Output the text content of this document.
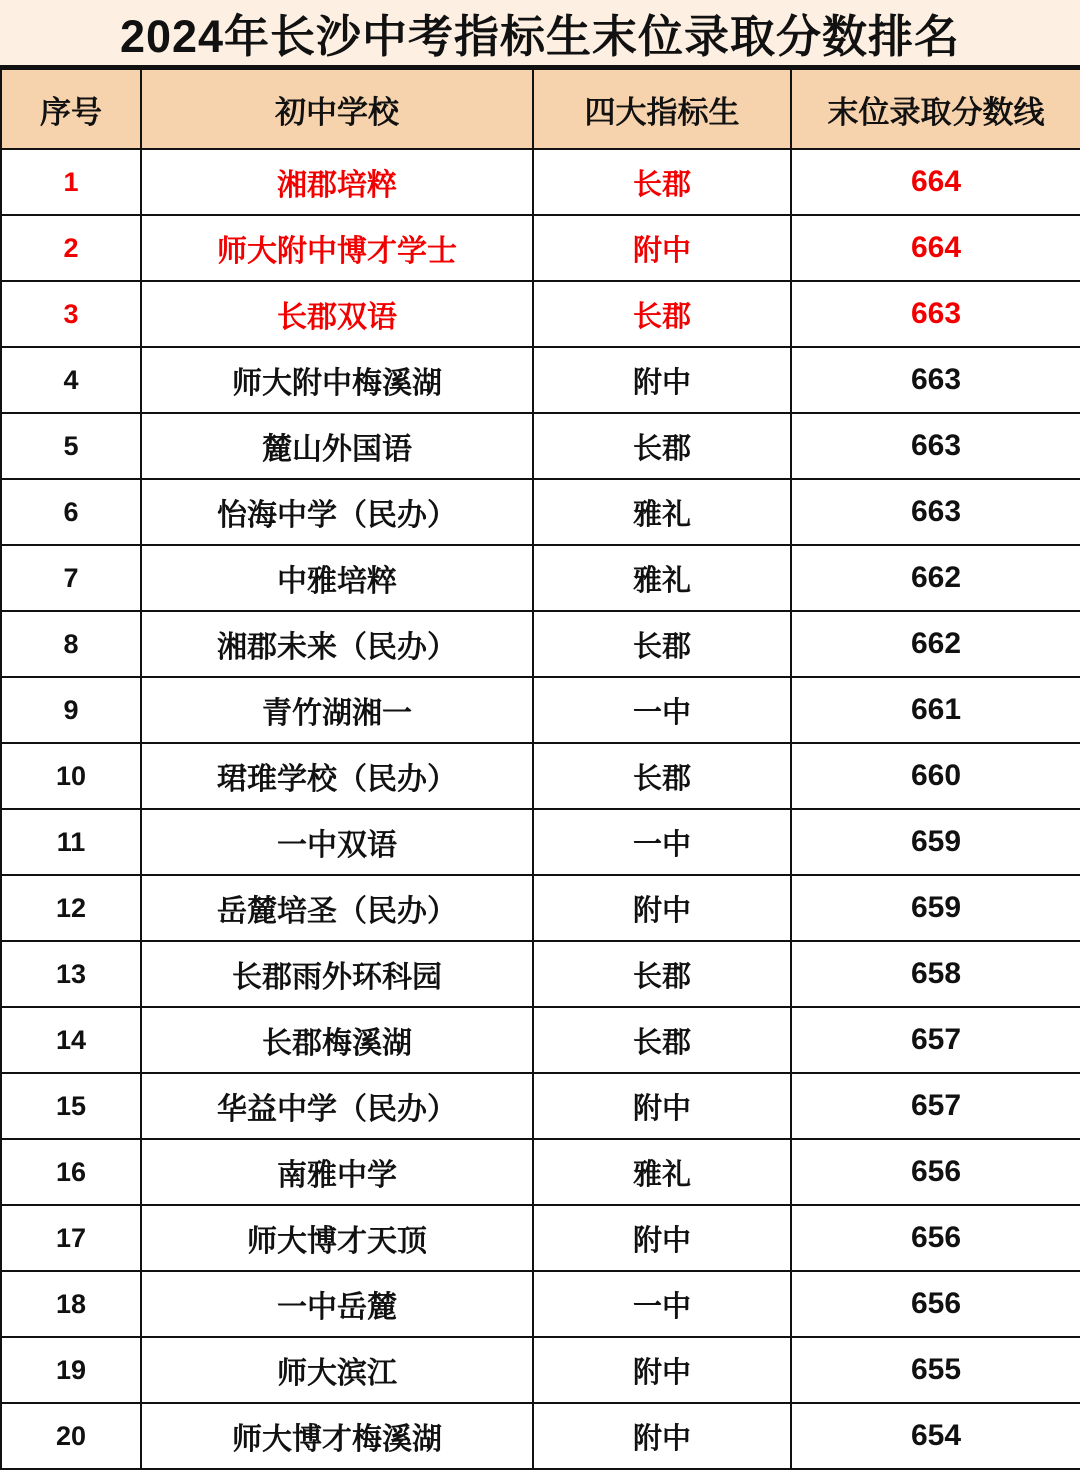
2024年长沙中考指标生末位录取分数排名
序号	初中学校	四大指标生	末位录取分数线
1	湘郡培粹	长郡	664
2	师大附中博才学士	附中	664
3	长郡双语	长郡	663
4	师大附中梅溪湖	附中	663
5	麓山外国语	长郡	663
6	怡海中学（民办）	雅礼	663
7	中雅培粹	雅礼	662
8	湘郡未来（民办）	长郡	662
9	青竹湖湘一	一中	661
10	珺琟学校（民办）	长郡	660
11	一中双语	一中	659
12	岳麓培圣（民办）	附中	659
13	长郡雨外环科园	长郡	658
14	长郡梅溪湖	长郡	657
15	华益中学（民办）	附中	657
16	南雅中学	雅礼	656
17	师大博才天顶	附中	656
18	一中岳麓	一中	656
19	师大滨江	附中	655
20	师大博才梅溪湖	附中	654
